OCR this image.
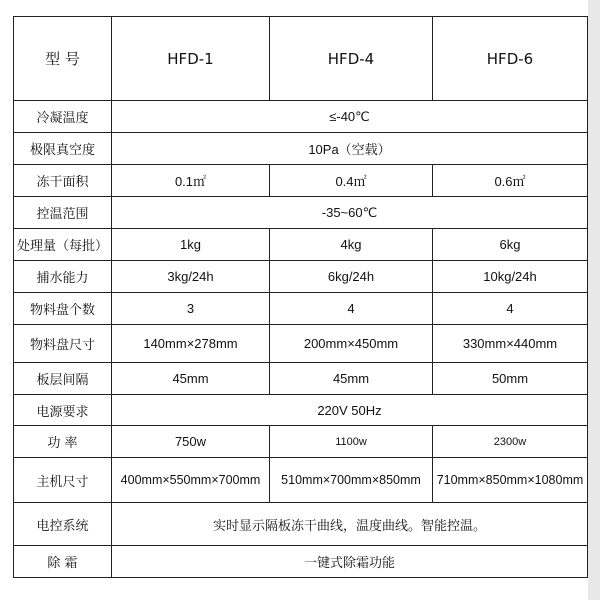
型 号	HFD-1	HFD-4	HFD-6
冷凝温度	≤-40℃		
极限真空度	10Pa（空载）		
冻干面积	0.1㎡	0.4㎡	0.6㎡
控温范围	-35~60℃		
处理量（每批）	1kg	4kg	6kg
捕水能力	3kg/24h	6kg/24h	10kg/24h
物料盘个数	3	4	4
物料盘尺寸	140mm×278mm	200mm×450mm	330mm×440mm
板层间隔	45mm	45mm	50mm
电源要求	220V 50Hz		
功 率	750w	1100w	2300w
主机尺寸	400mm×550mm×700mm	510mm×700mm×850mm	710mm×850mm×1080mm
电控系统	实时显示隔板冻干曲线，温度曲线。智能控温。		
除 霜	一键式除霜功能		
